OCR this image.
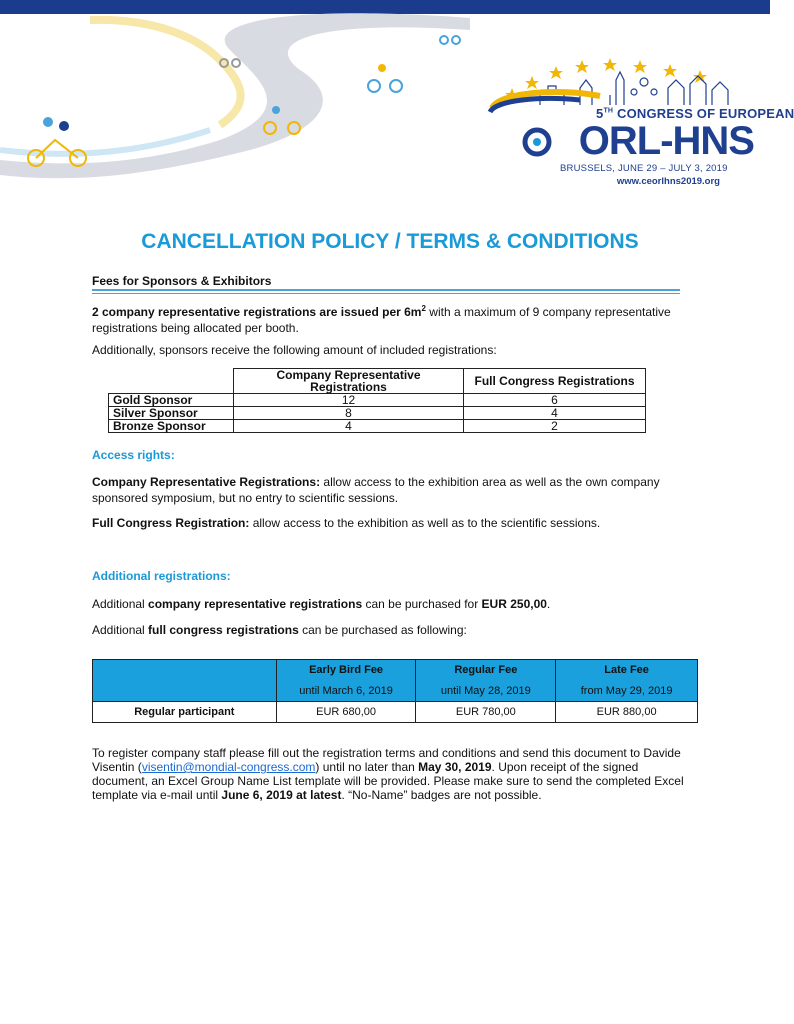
5TH CONGRESS OF EUROPEAN
ORL-HNS
BRUSSELS, JUNE 29 – JULY 3, 2019
www.ceorlhns2019.org
CANCELLATION POLICY / TERMS & CONDITIONS
Fees for Sponsors & Exhibitors
2 company representative registrations are issued per $6m^2$ with a maximum of 9 company representative
registrations being allocated per booth.
Additionally, sponsors receive the following amount of included registrations:
	Company Representative Registrations	Full Congress Registrations
Gold Sponsor	12	6
Silver Sponsor	8	4
Bronze Sponsor	4	2
Access rights:
Company Representative Registrations: allow access to the exhibition area as well as the own company
sponsored symposium, but no entry to scientific sessions.
Full Congress Registration: allow access to the exhibition as well as to the scientific sessions.
Additional registrations:
Additional company representative registrations can be purchased for EUR 250,00.
Additional full congress registrations can be purchased as following:
	Early Bird Fee	Regular Fee	Late Fee
	until March 6, 2019	until May 28, 2019	from May 29, 2019
Regular participant	EUR 680,00	EUR 780,00	EUR 880,00
To register company staff please fill out the registration terms and conditions and send this document to Davide
Visentin (visentin@mondial-congress.com) until no later than May 30, 2019. Upon receipt of the signed
document, an Excel Group Name List template will be provided. Please make sure to send the completed Excel
template via e-mail until June 6, 2019 at latest. “No-Name” badges are not possible.
